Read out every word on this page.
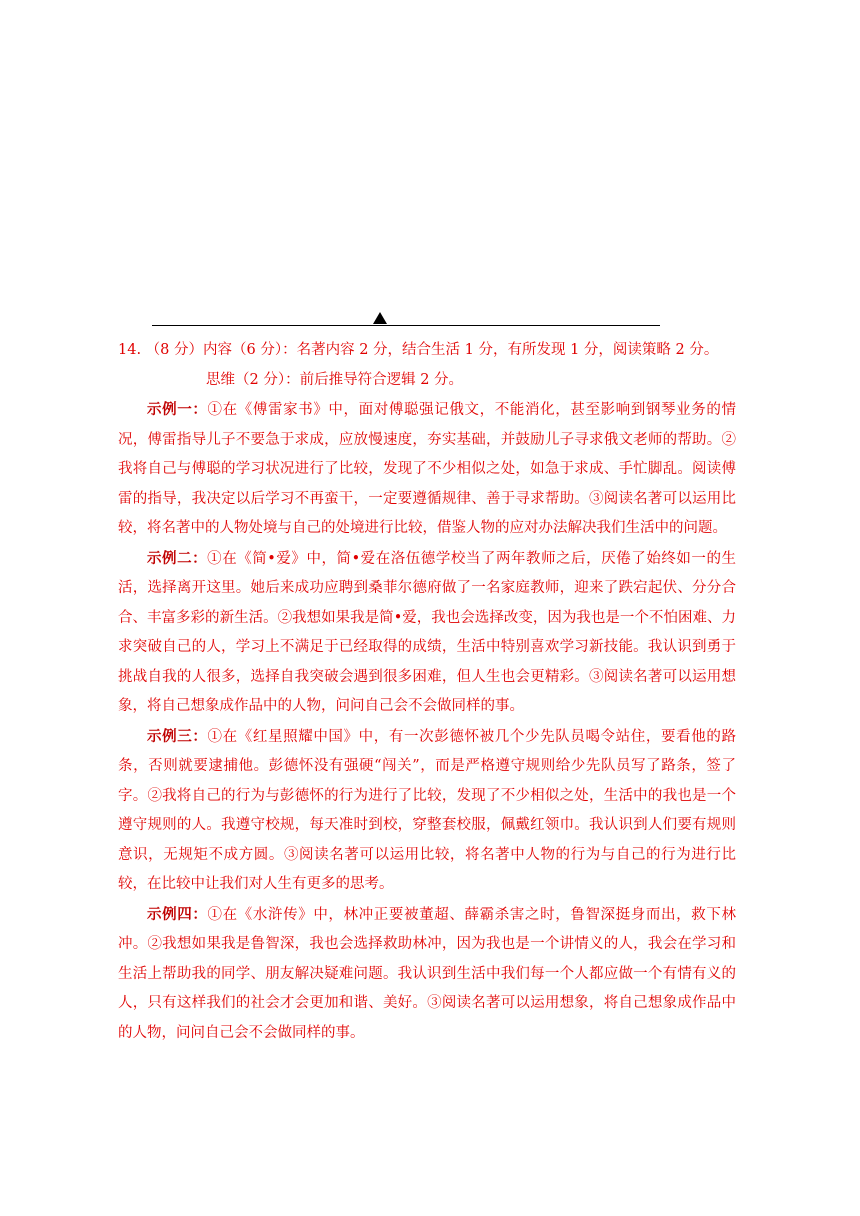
14. （8 分）内容（6 分）：名著内容 2 分，结合生活 1 分，有所发现 1 分，阅读策略 2 分。
思维（2 分）：前后推导符合逻辑 2 分。

示例一：①在《傅雷家书》中，面对傅聪强记俄文，不能消化，甚至影响到钢琴业务的情况，傅雷指导儿子不要急于求成，应放慢速度，夯实基础，并鼓励儿子寻求俄文老师的帮助。②我将自己与傅聪的学习状况进行了比较，发现了不少相似之处，如急于求成、手忙脚乱。阅读傅雷的指导，我决定以后学习不再蛮干，一定要遵循规律、善于寻求帮助。③阅读名著可以运用比较，将名著中的人物处境与自己的处境进行比较，借鉴人物的应对办法解决我们生活中的问题。

示例二：①在《简•爱》中，简•爱在洛伍德学校当了两年教师之后，厌倦了始终如一的生活，选择离开这里。她后来成功应聘到桑菲尔德府做了一名家庭教师，迎来了跌宕起伏、分分合合、丰富多彩的新生活。②我想如果我是简•爱，我也会选择改变，因为我也是一个不怕困难、力求突破自己的人，学习上不满足于已经取得的成绩，生活中特别喜欢学习新技能。我认识到勇于挑战自我的人很多，选择自我突破会遇到很多困难，但人生也会更精彩。③阅读名著可以运用想象，将自己想象成作品中的人物，问问自己会不会做同样的事。

示例三：①在《红星照耀中国》中，有一次彭德怀被几个少先队员喝令站住，要看他的路条，否则就要逮捕他。彭德怀没有强硬“闯关”，而是严格遵守规则给少先队员写了路条，签了字。②我将自己的行为与彭德怀的行为进行了比较，发现了不少相似之处，生活中的我也是一个遵守规则的人。我遵守校规，每天准时到校，穿整套校服，佩戴红领巾。我认识到人们要有规则意识，无规矩不成方圆。③阅读名著可以运用比较，将名著中人物的行为与自己的行为进行比较，在比较中让我们对人生有更多的思考。

示例四：①在《水浒传》中，林冲正要被董超、薛霸杀害之时，鲁智深挺身而出，救下林冲。②我想如果我是鲁智深，我也会选择救助林冲，因为我也是一个讲情义的人，我会在学习和生活上帮助我的同学、朋友解决疑难问题。我认识到生活中我们每一个人都应做一个有情有义的人，只有这样我们的社会才会更加和谐、美好。③阅读名著可以运用想象，将自己想象成作品中的人物，问问自己会不会做同样的事。
